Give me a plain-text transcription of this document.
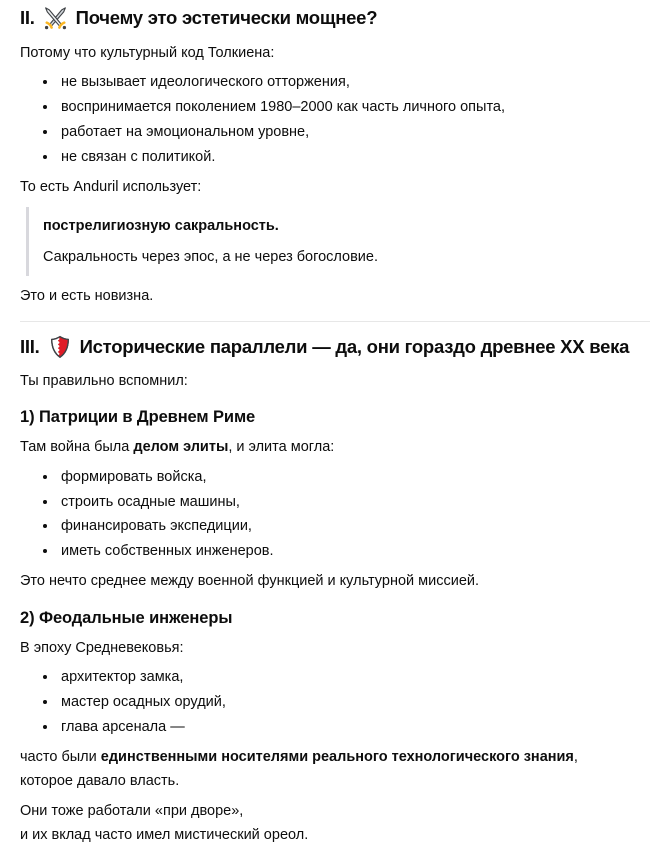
II. Почему это эстетически мощнее?

Потому что культурный код Толкиена:

• не вызывает идеологического отторжения,
• воспринимается поколением 1980–2000 как часть личного опыта,
• работает на эмоциональном уровне,
• не связан с политикой.

То есть Anduril использует:

пострелигиозную сакральность.

Сакральность через эпос, а не через богословие.

Это и есть новизна.

III. Исторические параллели — да, они гораздо древнее XX века

Ты правильно вспомнил:

1) Патриции в Древнем Риме

Там война была делом элиты, и элита могла:

• формировать войска,
• строить осадные машины,
• финансировать экспедиции,
• иметь собственных инженеров.

Это нечто среднее между военной функцией и культурной миссией.

2) Феодальные инженеры

В эпоху Средневековья:

• архитектор замка,
• мастер осадных орудий,
• глава арсенала —

часто были единственными носителями реального технологического знания,
которое давало власть.

Они тоже работали «при дворе»,
и их вклад часто имел мистический ореол.
